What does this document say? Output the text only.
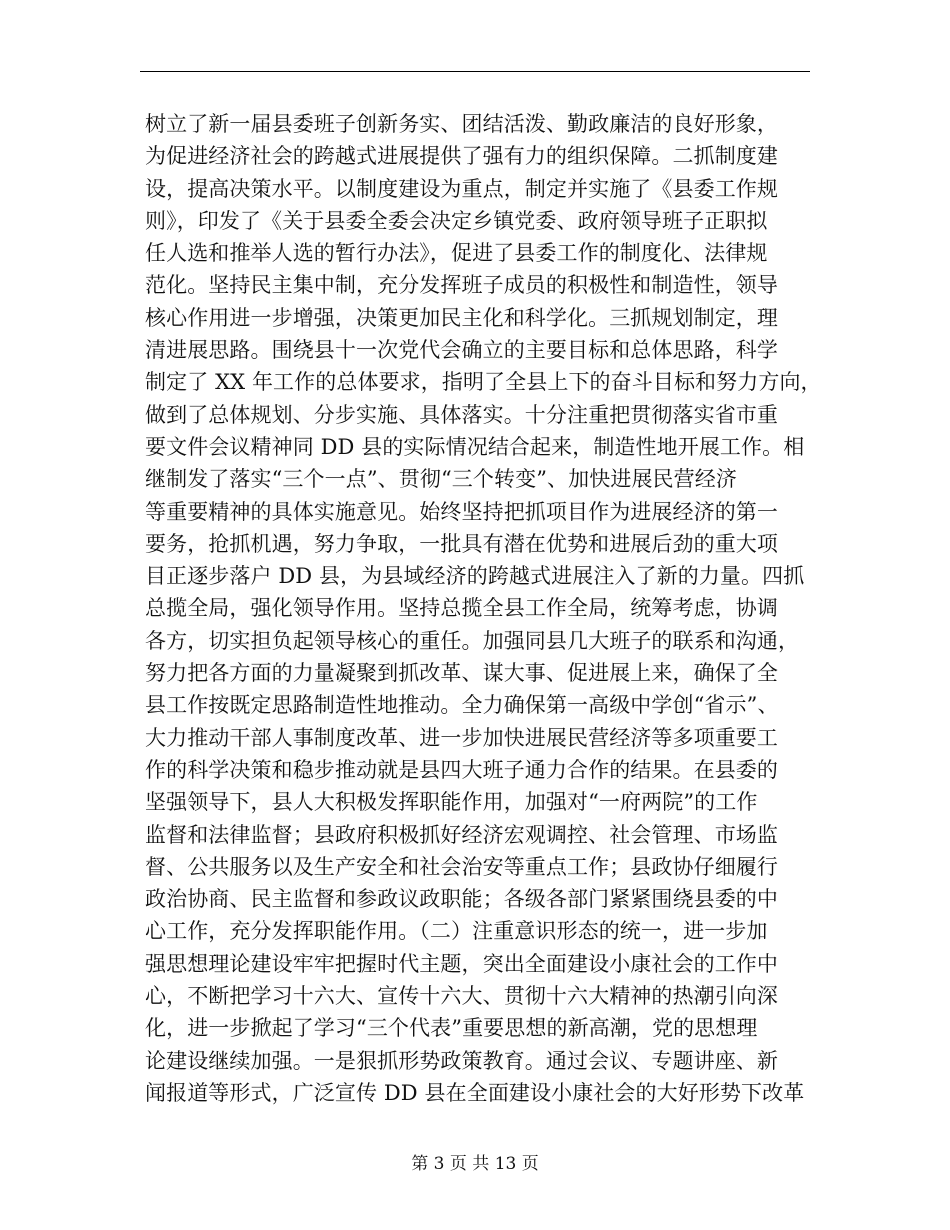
树立了新一届县委班子创新务实、团结活泼、勤政廉洁的良好形象，
为促进经济社会的跨越式进展提供了强有力的组织保障。二抓制度建
设，提高决策水平。以制度建设为重点，制定并实施了《县委工作规
则》，印发了《关于县委全委会决定乡镇党委、政府领导班子正职拟
任人选和推举人选的暂行办法》，促进了县委工作的制度化、法律规
范化。坚持民主集中制，充分发挥班子成员的积极性和制造性，领导
核心作用进一步增强，决策更加民主化和科学化。三抓规划制定，理
清进展思路。围绕县十一次党代会确立的主要目标和总体思路，科学
制定了 XX 年工作的总体要求，指明了全县上下的奋斗目标和努力方向，
做到了总体规划、分步实施、具体落实。十分注重把贯彻落实省市重
要文件会议精神同 DD 县的实际情况结合起来，制造性地开展工作。相
继制发了落实“三个一点”、贯彻“三个转变”、加快进展民营经济
等重要精神的具体实施意见。始终坚持把抓项目作为进展经济的第一
要务，抢抓机遇，努力争取，一批具有潜在优势和进展后劲的重大项
目正逐步落户 DD 县，为县域经济的跨越式进展注入了新的力量。四抓
总揽全局，强化领导作用。坚持总揽全县工作全局，统筹考虑，协调
各方，切实担负起领导核心的重任。加强同县几大班子的联系和沟通，
努力把各方面的力量凝聚到抓改革、谋大事、促进展上来，确保了全
县工作按既定思路制造性地推动。全力确保第一高级中学创“省示”、
大力推动干部人事制度改革、进一步加快进展民营经济等多项重要工
作的科学决策和稳步推动就是县四大班子通力合作的结果。在县委的
坚强领导下，县人大积极发挥职能作用，加强对“一府两院”的工作
监督和法律监督；县政府积极抓好经济宏观调控、社会管理、市场监
督、公共服务以及生产安全和社会治安等重点工作；县政协仔细履行
政治协商、民主监督和参政议政职能；各级各部门紧紧围绕县委的中
心工作，充分发挥职能作用。（二）注重意识形态的统一，进一步加
强思想理论建设牢牢把握时代主题，突出全面建设小康社会的工作中
心，不断把学习十六大、宣传十六大、贯彻十六大精神的热潮引向深
化，进一步掀起了学习“三个代表”重要思想的新高潮，党的思想理
论建设继续加强。一是狠抓形势政策教育。通过会议、专题讲座、新
闻报道等形式，广泛宣传 DD 县在全面建设小康社会的大好形势下改革
第 3 页 共 13 页
